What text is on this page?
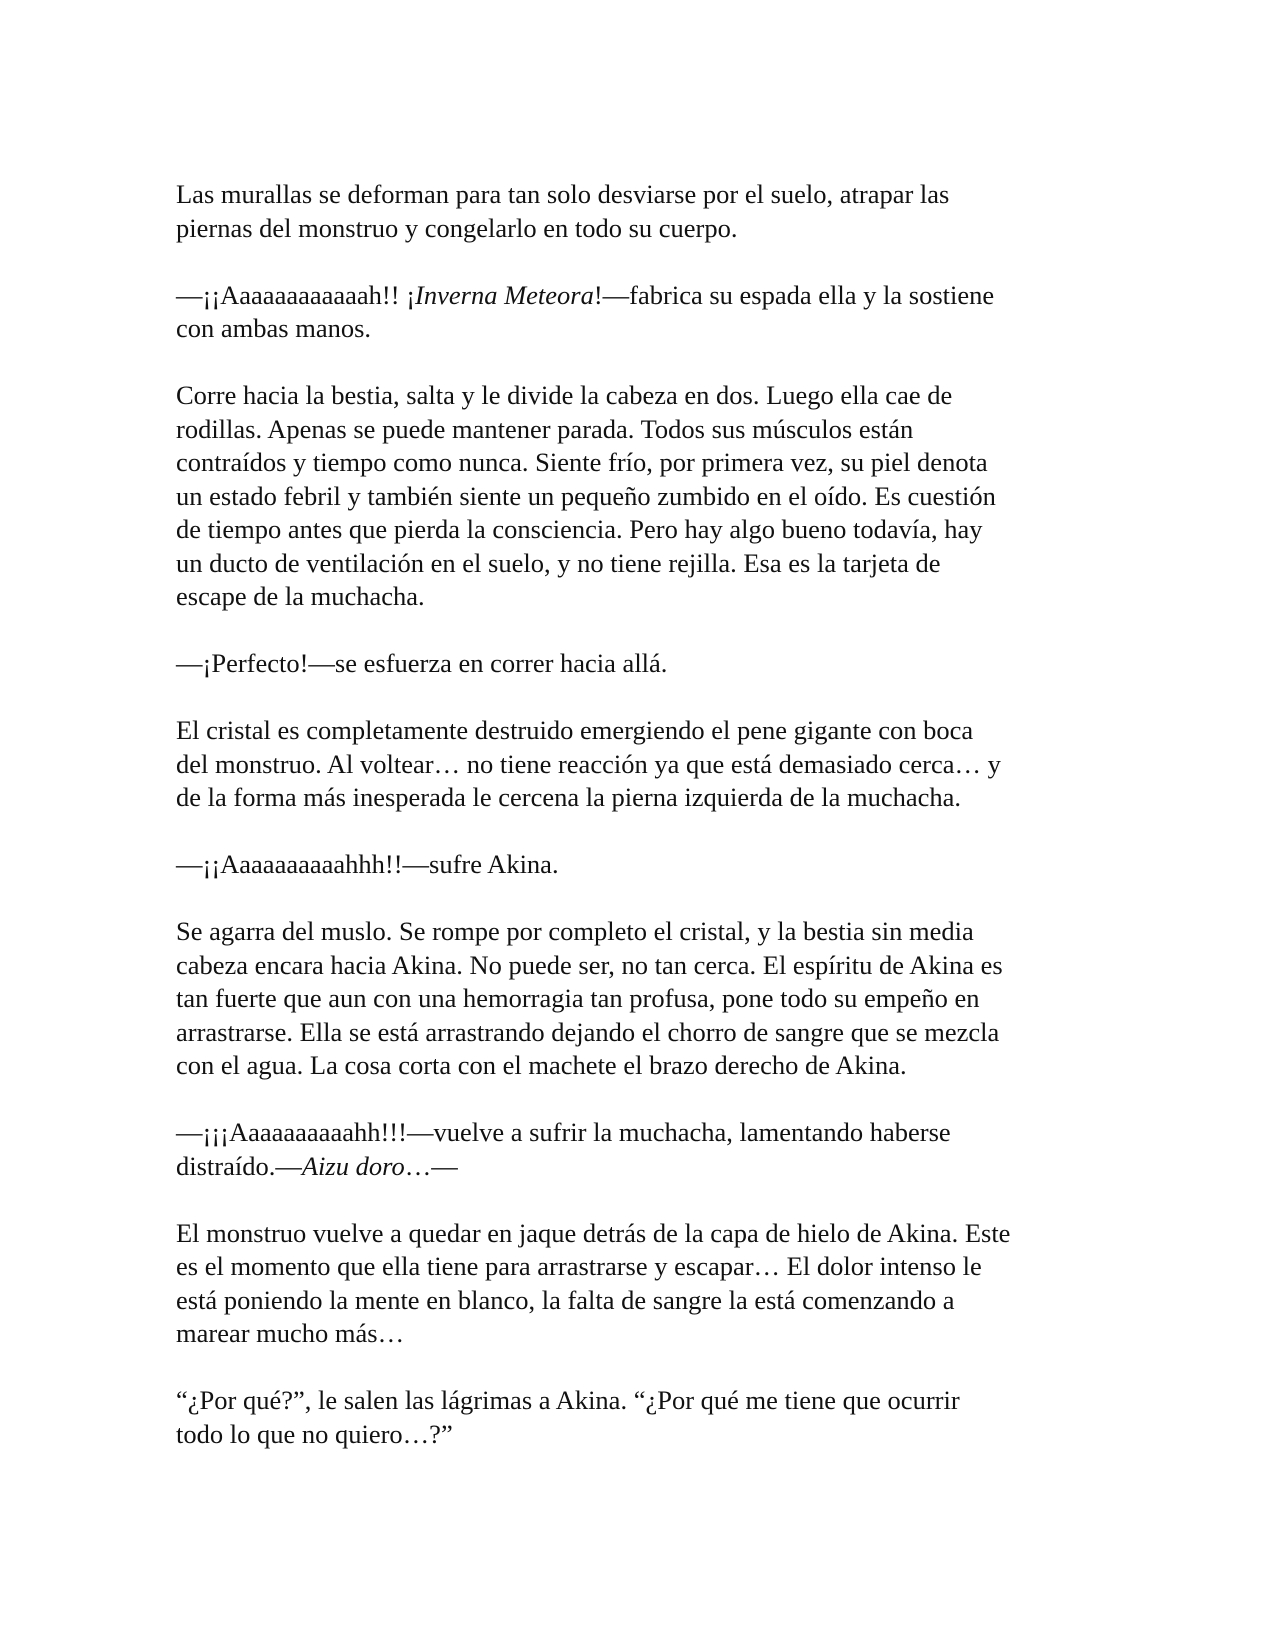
Las murallas se deforman para tan solo desviarse por el suelo, atrapar las
piernas del monstruo y congelarlo en todo su cuerpo.

—¡¡Aaaaaaaaaaaah!! ¡Inverna Meteora!—fabrica su espada ella y la sostiene
con ambas manos.

Corre hacia la bestia, salta y le divide la cabeza en dos. Luego ella cae de
rodillas. Apenas se puede mantener parada. Todos sus músculos están
contraídos y tiempo como nunca. Siente frío, por primera vez, su piel denota
un estado febril y también siente un pequeño zumbido en el oído. Es cuestión
de tiempo antes que pierda la consciencia. Pero hay algo bueno todavía, hay
un ducto de ventilación en el suelo, y no tiene rejilla. Esa es la tarjeta de
escape de la muchacha.

—¡Perfecto!—se esfuerza en correr hacia allá.

El cristal es completamente destruido emergiendo el pene gigante con boca
del monstruo. Al voltear… no tiene reacción ya que está demasiado cerca… y
de la forma más inesperada le cercena la pierna izquierda de la muchacha.

—¡¡Aaaaaaaaaahhh!!—sufre Akina.

Se agarra del muslo. Se rompe por completo el cristal, y la bestia sin media
cabeza encara hacia Akina. No puede ser, no tan cerca. El espíritu de Akina es
tan fuerte que aun con una hemorragia tan profusa, pone todo su empeño en
arrastrarse. Ella se está arrastrando dejando el chorro de sangre que se mezcla
con el agua. La cosa corta con el machete el brazo derecho de Akina.

—¡¡¡Aaaaaaaaaahh!!!—vuelve a sufrir la muchacha, lamentando haberse
distraído.—Aizu doro…—

El monstruo vuelve a quedar en jaque detrás de la capa de hielo de Akina. Este
es el momento que ella tiene para arrastrarse y escapar… El dolor intenso le
está poniendo la mente en blanco, la falta de sangre la está comenzando a
marear mucho más…

“¿Por qué?”, le salen las lágrimas a Akina. “¿Por qué me tiene que ocurrir
todo lo que no quiero…?”
